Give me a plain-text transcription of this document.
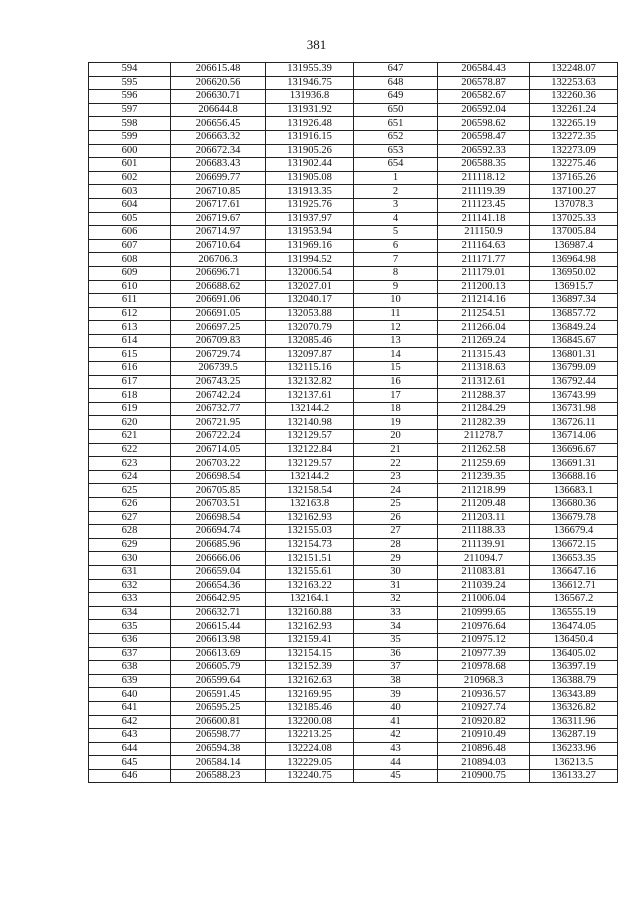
381
594	206615.48	131955.39	647	206584.43	132248.07
595	206620.56	131946.75	648	206578.87	132253.63
596	206630.71	131936.8	649	206582.67	132260.36
597	206644.8	131931.92	650	206592.04	132261.24
598	206656.45	131926.48	651	206598.62	132265.19
599	206663.32	131916.15	652	206598.47	132272.35
600	206672.34	131905.26	653	206592.33	132273.09
601	206683.43	131902.44	654	206588.35	132275.46
602	206699.77	131905.08	1	211118.12	137165.26
603	206710.85	131913.35	2	211119.39	137100.27
604	206717.61	131925.76	3	211123.45	137078.3
605	206719.67	131937.97	4	211141.18	137025.33
606	206714.97	131953.94	5	211150.9	137005.84
607	206710.64	131969.16	6	211164.63	136987.4
608	206706.3	131994.52	7	211171.77	136964.98
609	206696.71	132006.54	8	211179.01	136950.02
610	206688.62	132027.01	9	211200.13	136915.7
611	206691.06	132040.17	10	211214.16	136897.34
612	206691.05	132053.88	11	211254.51	136857.72
613	206697.25	132070.79	12	211266.04	136849.24
614	206709.83	132085.46	13	211269.24	136845.67
615	206729.74	132097.87	14	211315.43	136801.31
616	206739.5	132115.16	15	211318.63	136799.09
617	206743.25	132132.82	16	211312.61	136792.44
618	206742.24	132137.61	17	211288.37	136743.99
619	206732.77	132144.2	18	211284.29	136731.98
620	206721.95	132140.98	19	211282.39	136726.11
621	206722.24	132129.57	20	211278.7	136714.06
622	206714.05	132122.84	21	211262.58	136696.67
623	206703.22	132129.57	22	211259.69	136691.31
624	206698.54	132144.2	23	211239.35	136688.16
625	206705.85	132158.54	24	211218.99	136683.1
626	206703.51	132163.8	25	211209.48	136680.36
627	206698.54	132162.93	26	211203.11	136679.78
628	206694.74	132155.03	27	211188.33	136679.4
629	206685.96	132154.73	28	211139.91	136672.15
630	206666.06	132151.51	29	211094.7	136653.35
631	206659.04	132155.61	30	211083.81	136647.16
632	206654.36	132163.22	31	211039.24	136612.71
633	206642.95	132164.1	32	211006.04	136567.2
634	206632.71	132160.88	33	210999.65	136555.19
635	206615.44	132162.93	34	210976.64	136474.05
636	206613.98	132159.41	35	210975.12	136450.4
637	206613.69	132154.15	36	210977.39	136405.02
638	206605.79	132152.39	37	210978.68	136397.19
639	206599.64	132162.63	38	210968.3	136388.79
640	206591.45	132169.95	39	210936.57	136343.89
641	206595.25	132185.46	40	210927.74	136326.82
642	206600.81	132200.08	41	210920.82	136311.96
643	206598.77	132213.25	42	210910.49	136287.19
644	206594.38	132224.08	43	210896.48	136233.96
645	206584.14	132229.05	44	210894.03	136213.5
646	206588.23	132240.75	45	210900.75	136133.27
